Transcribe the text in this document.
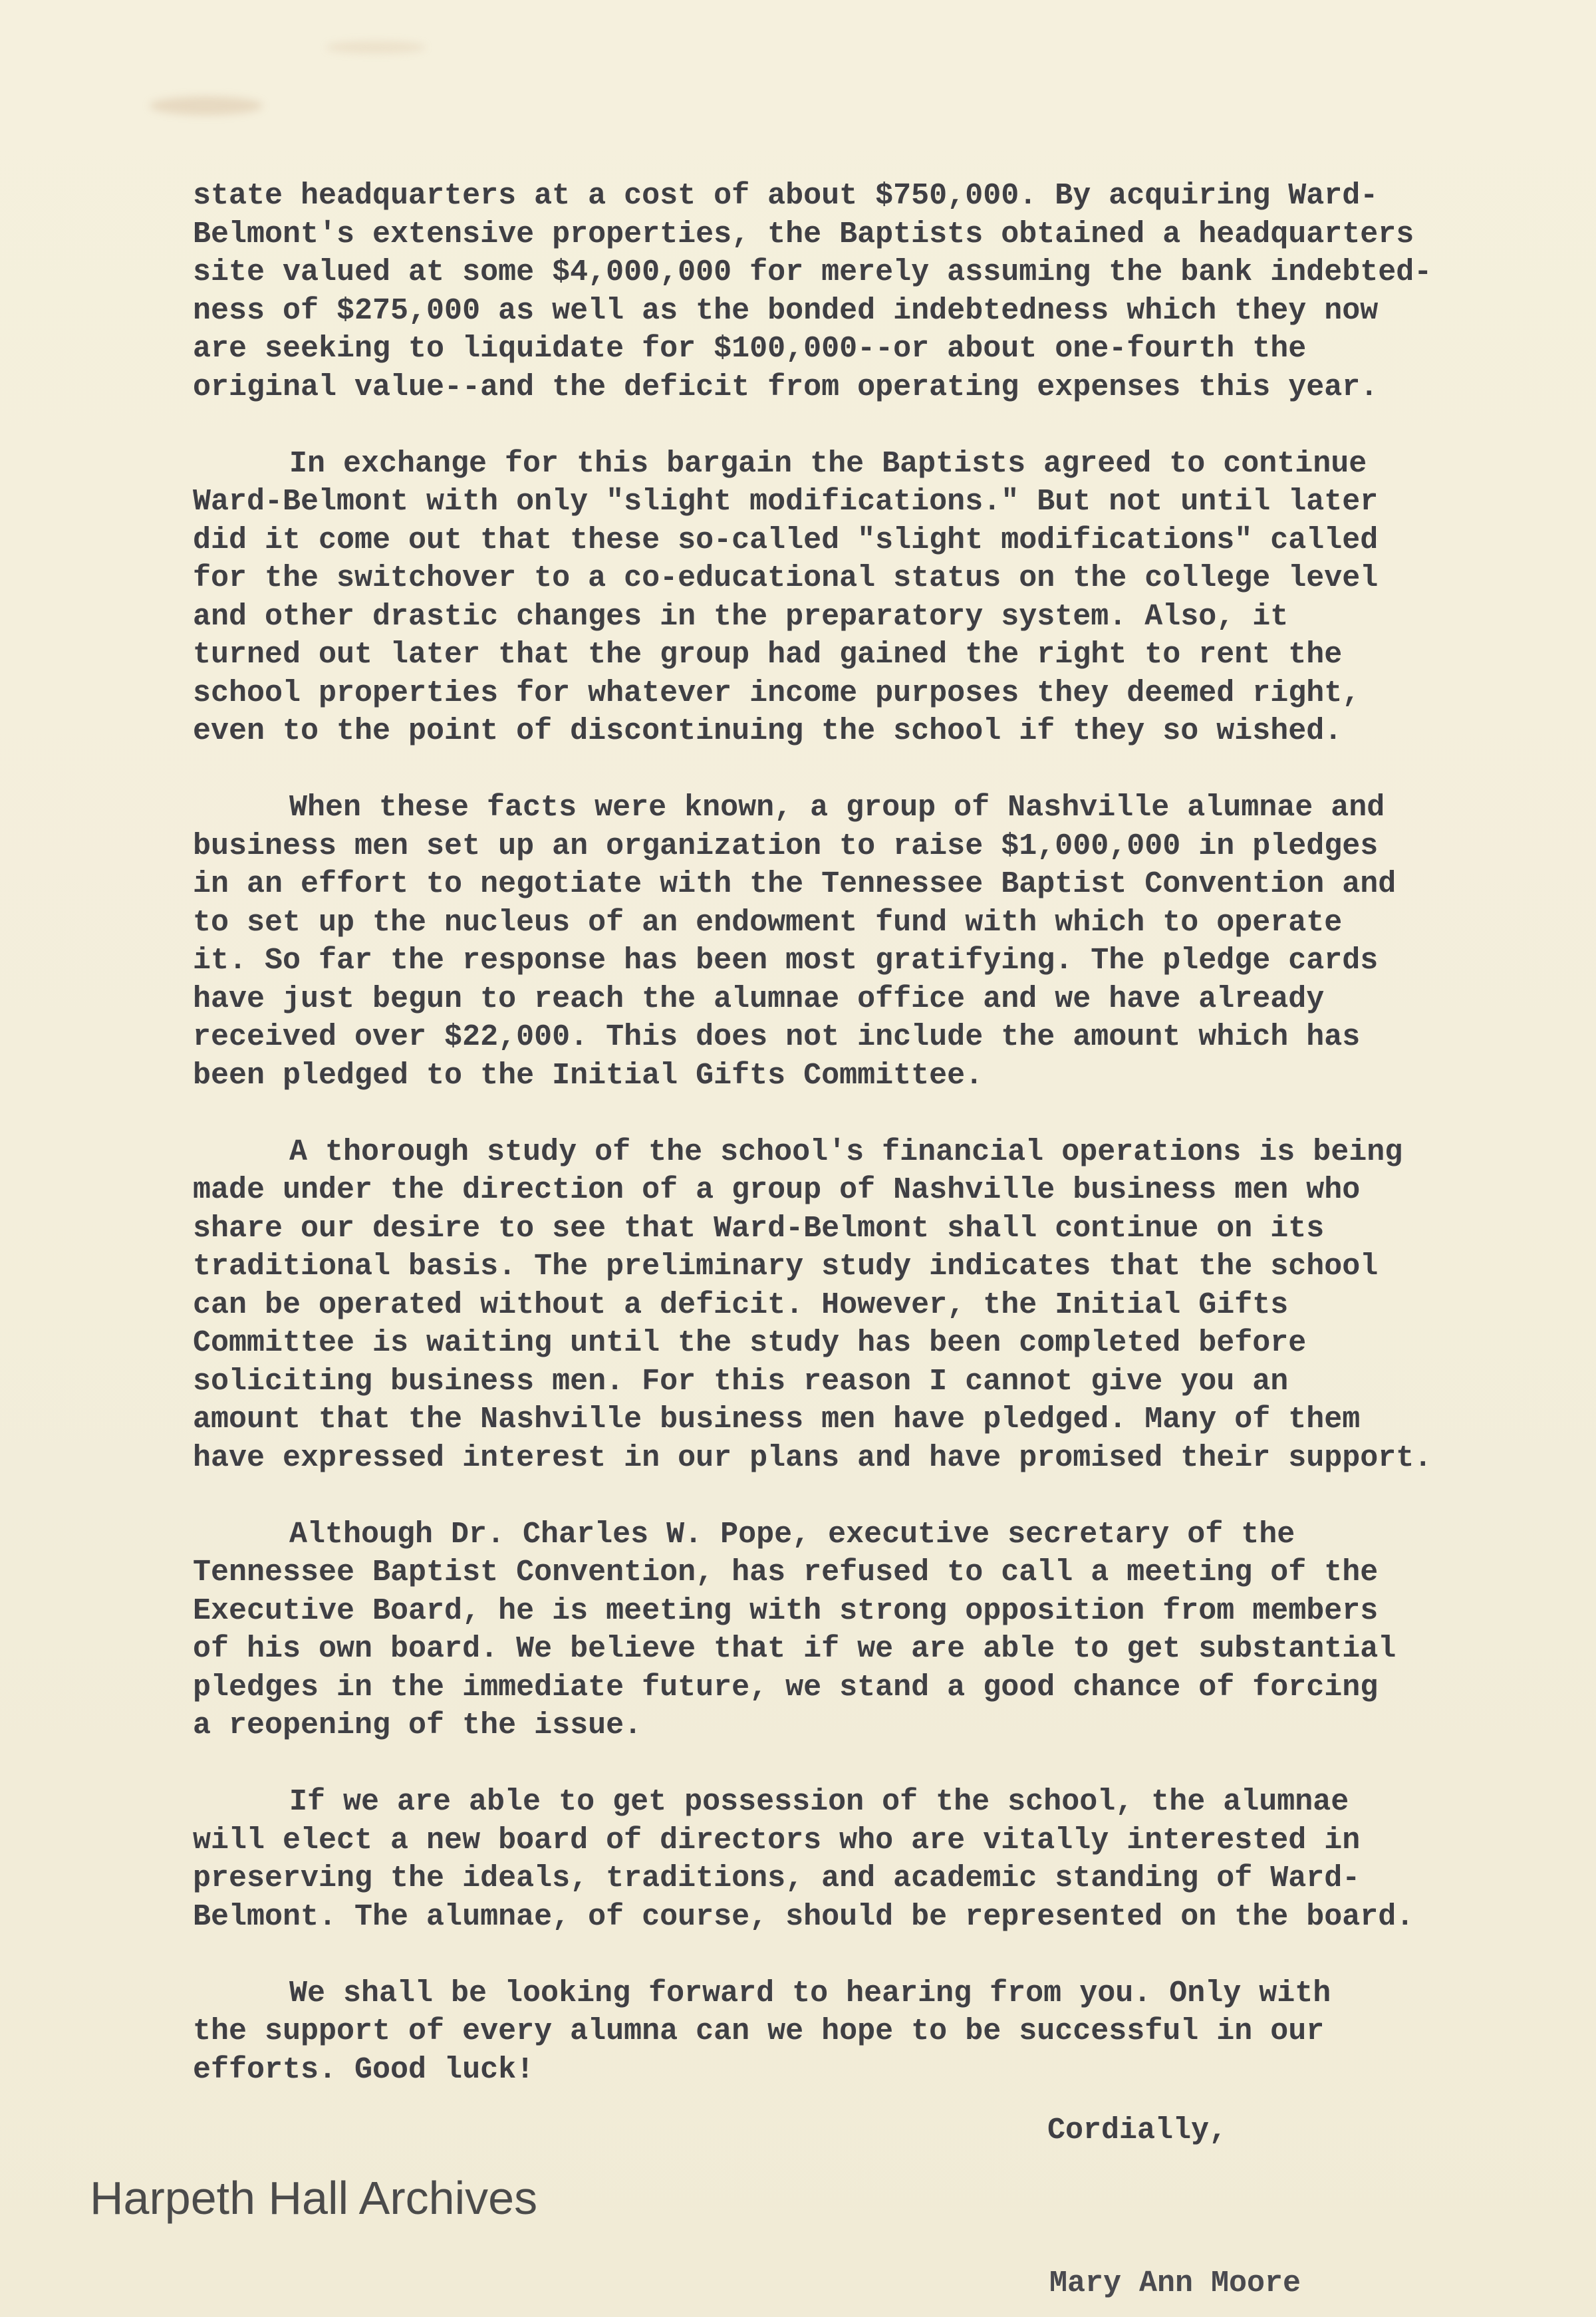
state headquarters at a cost of about $750,000. By acquiring Ward-
Belmont's extensive properties, the Baptists obtained a headquarters
site valued at some $4,000,000 for merely assuming the bank indebted-
ness of $275,000 as well as the bonded indebtedness which they now
are seeking to liquidate for $100,000--or about one-fourth the
original value--and the deficit from operating expenses this year.
In exchange for this bargain the Baptists agreed to continue
Ward-Belmont with only "slight modifications." But not until later
did it come out that these so-called "slight modifications" called
for the switchover to a co-educational status on the college level
and other drastic changes in the preparatory system. Also, it
turned out later that the group had gained the right to rent the
school properties for whatever income purposes they deemed right,
even to the point of discontinuing the school if they so wished.
When these facts were known, a group of Nashville alumnae and
business men set up an organization to raise $1,000,000 in pledges
in an effort to negotiate with the Tennessee Baptist Convention and
to set up the nucleus of an endowment fund with which to operate
it. So far the response has been most gratifying. The pledge cards
have just begun to reach the alumnae office and we have already
received over $22,000. This does not include the amount which has
been pledged to the Initial Gifts Committee.
A thorough study of the school's financial operations is being
made under the direction of a group of Nashville business men who
share our desire to see that Ward-Belmont shall continue on its
traditional basis. The preliminary study indicates that the school
can be operated without a deficit. However, the Initial Gifts
Committee is waiting until the study has been completed before
soliciting business men. For this reason I cannot give you an
amount that the Nashville business men have pledged. Many of them
have expressed interest in our plans and have promised their support.
Although Dr. Charles W. Pope, executive secretary of the
Tennessee Baptist Convention, has refused to call a meeting of the
Executive Board, he is meeting with strong opposition from members
of his own board. We believe that if we are able to get substantial
pledges in the immediate future, we stand a good chance of forcing
a reopening of the issue.
If we are able to get possession of the school, the alumnae
will elect a new board of directors who are vitally interested in
preserving the ideals, traditions, and academic standing of Ward-
Belmont. The alumnae, of course, should be represented on the board.
We shall be looking forward to hearing from you. Only with
the support of every alumna can we hope to be successful in our
efforts. Good luck!
Cordially,
Mary Ann Moore
Harpeth Hall Archives
